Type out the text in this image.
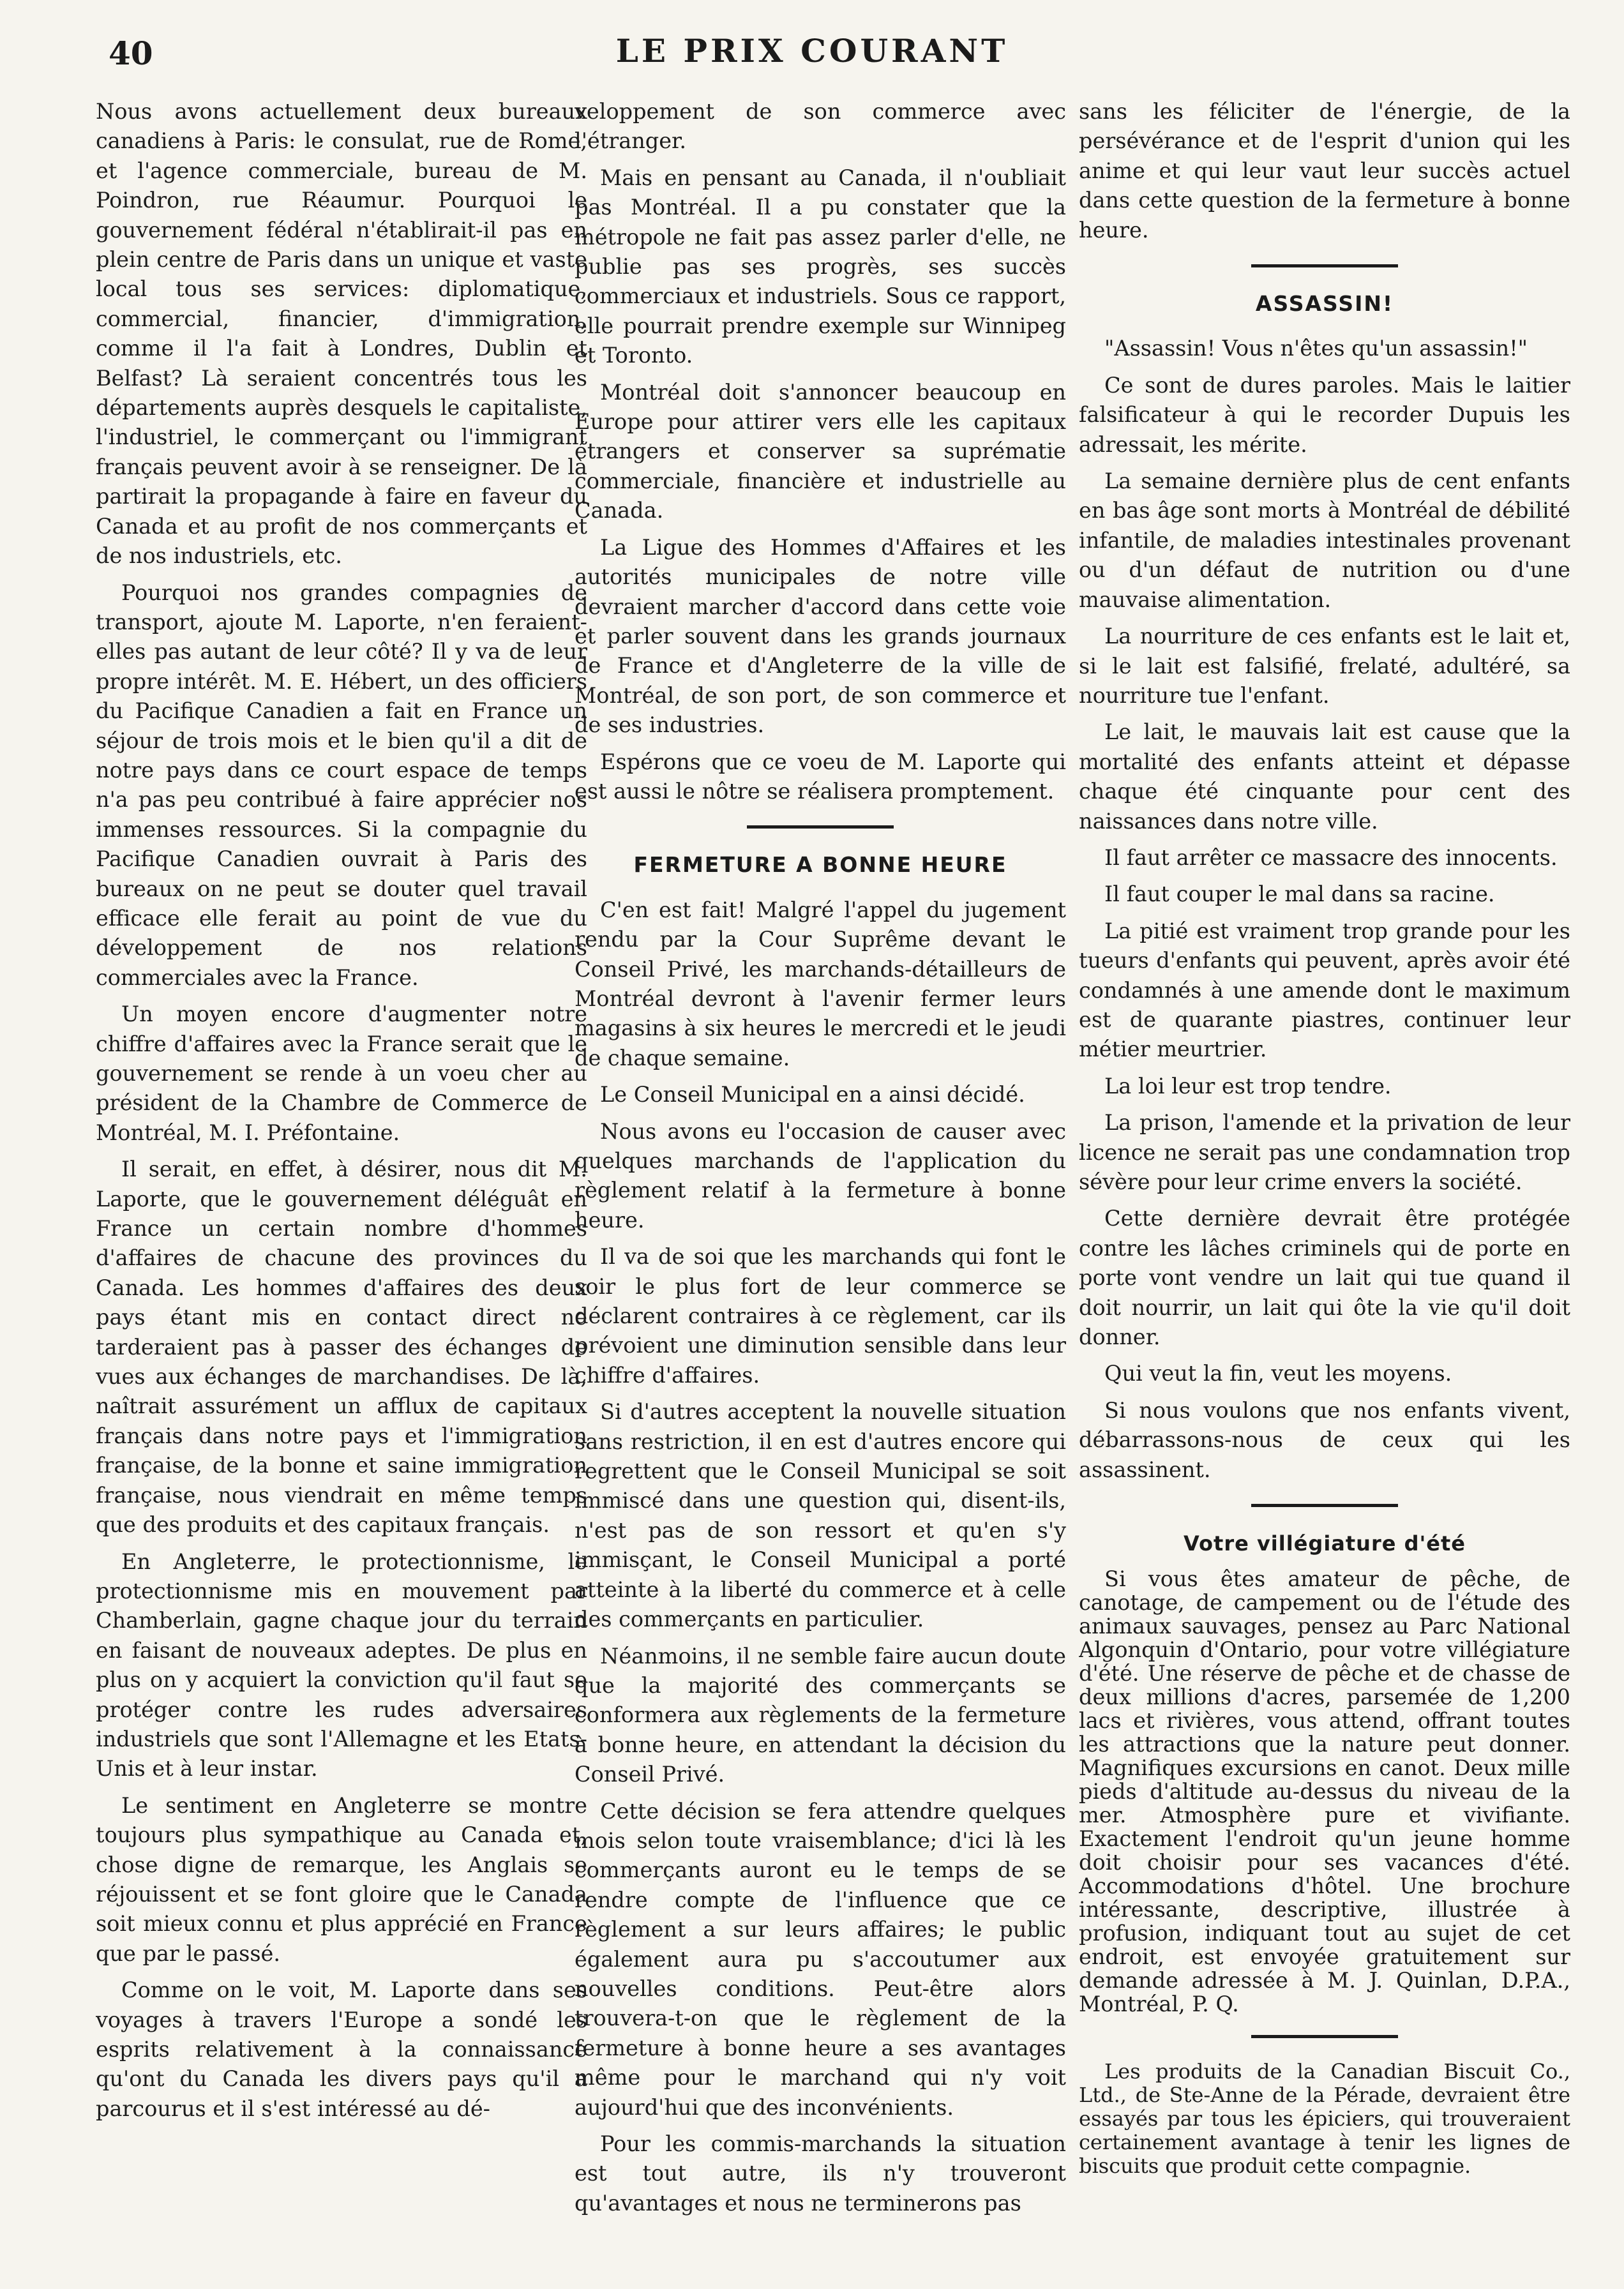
40	LE PRIX COURANT

Nous avons actuellement deux bureaux canadiens à Paris: le consulat, rue de Rome, et l'agence commerciale, bureau de M. Poindron, rue Réaumur. Pourquoi le gouvernement fédéral n'établirait-il pas en plein centre de Paris dans un unique et vaste local tous ses services: diplomatique, commercial, financier, d'immigration, comme il l'a fait à Londres, Dublin et Belfast? Là seraient concentrés tous les départements auprès desquels le capitaliste, l'industriel, le commerçant ou l'immigrant français peuvent avoir à se renseigner. De là partirait la propagande à faire en faveur du Canada et au profit de nos commerçants et de nos industriels, etc.

Pourquoi nos grandes compagnies de transport, ajoute M. Laporte, n'en feraient-elles pas autant de leur côté? Il y va de leur propre intérêt. M. E. Hébert, un des officiers du Pacifique Canadien a fait en France un séjour de trois mois et le bien qu'il a dit de notre pays dans ce court espace de temps n'a pas peu contribué à faire apprécier nos immenses ressources. Si la compagnie du Pacifique Canadien ouvrait à Paris des bureaux on ne peut se douter quel travail efficace elle ferait au point de vue du développement de nos relations commerciales avec la France.

Un moyen encore d'augmenter notre chiffre d'affaires avec la France serait que le gouvernement se rende à un voeu cher au président de la Chambre de Commerce de Montréal, M. I. Préfontaine.

Il serait, en effet, à désirer, nous dit M. Laporte, que le gouvernement déléguât en France un certain nombre d'hommes d'affaires de chacune des provinces du Canada. Les hommes d'affaires des deux pays étant mis en contact direct ne tarderaient pas à passer des échanges de vues aux échanges de marchandises. De là, naîtrait assurément un afflux de capitaux français dans notre pays et l'immigration française, de la bonne et saine immigration française, nous viendrait en même temps que des produits et des capitaux français.

En Angleterre, le protectionnisme, le protectionnisme mis en mouvement par Chamberlain, gagne chaque jour du terrain en faisant de nouveaux adeptes. De plus en plus on y acquiert la conviction qu'il faut se protéger contre les rudes adversaires industriels que sont l'Allemagne et les Etats-Unis et à leur instar.

Le sentiment en Angleterre se montre toujours plus sympathique au Canada et, chose digne de remarque, les Anglais se réjouissent et se font gloire que le Canada soit mieux connu et plus apprécié en France que par le passé.

Comme on le voit, M. Laporte dans ses voyages à travers l'Europe a sondé les esprits relativement à la connaissance qu'ont du Canada les divers pays qu'il a parcourus et il s'est intéressé au dé-

veloppement de son commerce avec l'étranger.

Mais en pensant au Canada, il n'oubliait pas Montréal. Il a pu constater que la métropole ne fait pas assez parler d'elle, ne publie pas ses progrès, ses succès commerciaux et industriels. Sous ce rapport, elle pourrait prendre exemple sur Winnipeg et Toronto.

Montréal doit s'annoncer beaucoup en Europe pour attirer vers elle les capitaux étrangers et conserver sa suprématie commerciale, financière et industrielle au Canada.

La Ligue des Hommes d'Affaires et les autorités municipales de notre ville devraient marcher d'accord dans cette voie et parler souvent dans les grands journaux de France et d'Angleterre de la ville de Montréal, de son port, de son commerce et de ses industries.

Espérons que ce voeu de M. Laporte qui est aussi le nôtre se réalisera promptement.

FERMETURE A BONNE HEURE

C'en est fait! Malgré l'appel du jugement rendu par la Cour Suprême devant le Conseil Privé, les marchands-détailleurs de Montréal devront à l'avenir fermer leurs magasins à six heures le mercredi et le jeudi de chaque semaine.

Le Conseil Municipal en a ainsi décidé.

Nous avons eu l'occasion de causer avec quelques marchands de l'application du règlement relatif à la fermeture à bonne heure.

Il va de soi que les marchands qui font le soir le plus fort de leur commerce se déclarent contraires à ce règlement, car ils prévoient une diminution sensible dans leur chiffre d'affaires.

Si d'autres acceptent la nouvelle situation sans restriction, il en est d'autres encore qui regrettent que le Conseil Municipal se soit immiscé dans une question qui, disent-ils, n'est pas de son ressort et qu'en s'y immisçant, le Conseil Municipal a porté atteinte à la liberté du commerce et à celle des commerçants en particulier.

Néanmoins, il ne semble faire aucun doute que la majorité des commerçants se conformera aux règlements de la fermeture à bonne heure, en attendant la décision du Conseil Privé.

Cette décision se fera attendre quelques mois selon toute vraisemblance; d'ici là les commerçants auront eu le temps de se rendre compte de l'influence que ce règlement a sur leurs affaires; le public également aura pu s'accoutumer aux nouvelles conditions. Peut-être alors trouvera-t-on que le règlement de la fermeture à bonne heure a ses avantages même pour le marchand qui n'y voit aujourd'hui que des inconvénients.

Pour les commis-marchands la situation est tout autre, ils n'y trouveront qu'avantages et nous ne terminerons pas

sans les féliciter de l'énergie, de la persévérance et de l'esprit d'union qui les anime et qui leur vaut leur succès actuel dans cette question de la fermeture à bonne heure.

ASSASSIN!

"Assassin! Vous n'êtes qu'un assassin!"

Ce sont de dures paroles. Mais le laitier falsificateur à qui le recorder Dupuis les adressait, les mérite.

La semaine dernière plus de cent enfants en bas âge sont morts à Montréal de débilité infantile, de maladies intestinales provenant ou d'un défaut de nutrition ou d'une mauvaise alimentation.

La nourriture de ces enfants est le lait et, si le lait est falsifié, frelaté, adultéré, sa nourriture tue l'enfant.

Le lait, le mauvais lait est cause que la mortalité des enfants atteint et dépasse chaque été cinquante pour cent des naissances dans notre ville.

Il faut arrêter ce massacre des innocents.

Il faut couper le mal dans sa racine.

La pitié est vraiment trop grande pour les tueurs d'enfants qui peuvent, après avoir été condamnés à une amende dont le maximum est de quarante piastres, continuer leur métier meurtrier.

La loi leur est trop tendre.

La prison, l'amende et la privation de leur licence ne serait pas une condamnation trop sévère pour leur crime envers la société.

Cette dernière devrait être protégée contre les lâches criminels qui de porte en porte vont vendre un lait qui tue quand il doit nourrir, un lait qui ôte la vie qu'il doit donner.

Qui veut la fin, veut les moyens.

Si nous voulons que nos enfants vivent, débarrassons-nous de ceux qui les assassinent.

Votre villégiature d'été

Si vous êtes amateur de pêche, de canotage, de campement ou de l'étude des animaux sauvages, pensez au Parc National Algonquin d'Ontario, pour votre villégiature d'été. Une réserve de pêche et de chasse de deux millions d'acres, parsemée de 1,200 lacs et rivières, vous attend, offrant toutes les attractions que la nature peut donner. Magnifiques excursions en canot. Deux mille pieds d'altitude au-dessus du niveau de la mer. Atmosphère pure et vivifiante. Exactement l'endroit qu'un jeune homme doit choisir pour ses vacances d'été. Accommodations d'hôtel. Une brochure intéressante, descriptive, illustrée à profusion, indiquant tout au sujet de cet endroit, est envoyée gratuitement sur demande adressée à M. J. Quinlan, D.P.A., Montréal, P. Q.

Les produits de la Canadian Biscuit Co., Ltd., de Ste-Anne de la Pérade, devraient être essayés par tous les épiciers, qui trouveraient certainement avantage à tenir les lignes de biscuits que produit cette compagnie.
